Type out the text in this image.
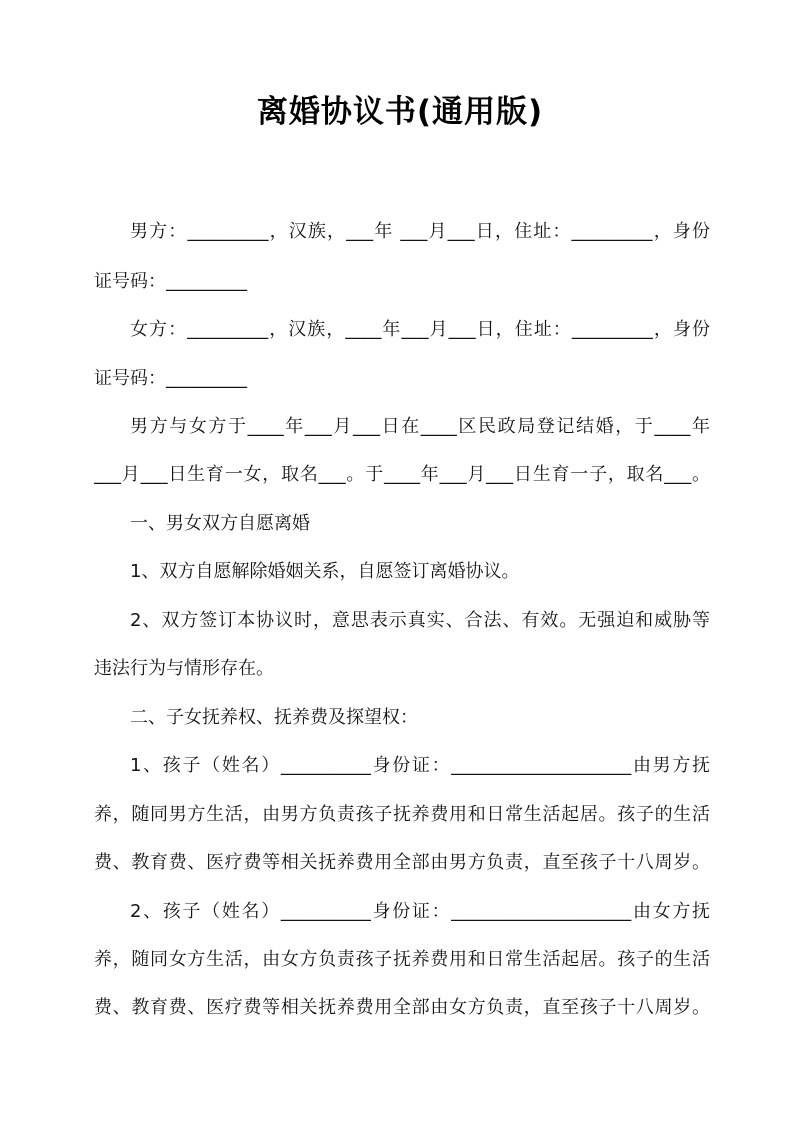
离婚协议书(通用版)
男方：_________，汉族，___年 ___月___日，住址：_________，身份
证号码：_________
女方：_________，汉族，____年___月___日，住址：_________，身份
证号码：_________
男方与女方于____年___月___日在____区民政局登记结婚，于____年
___月___日生育一女，取名___。于____年___月___日生育一子，取名___。
一、男女双方自愿离婚
1、双方自愿解除婚姻关系，自愿签订离婚协议。
2、双方签订本协议时，意思表示真实、合法、有效。无强迫和威胁等
违法行为与情形存在。
二、子女抚养权、抚养费及探望权：
1、孩子（姓名）__________身份证：____________________由男方抚
养，随同男方生活，由男方负责孩子抚养费用和日常生活起居。孩子的生活
费、教育费、医疗费等相关抚养费用全部由男方负责，直至孩子十八周岁。
2、孩子（姓名）__________身份证：____________________由女方抚
养，随同女方生活，由女方负责孩子抚养费用和日常生活起居。孩子的生活
费、教育费、医疗费等相关抚养费用全部由女方负责，直至孩子十八周岁。
